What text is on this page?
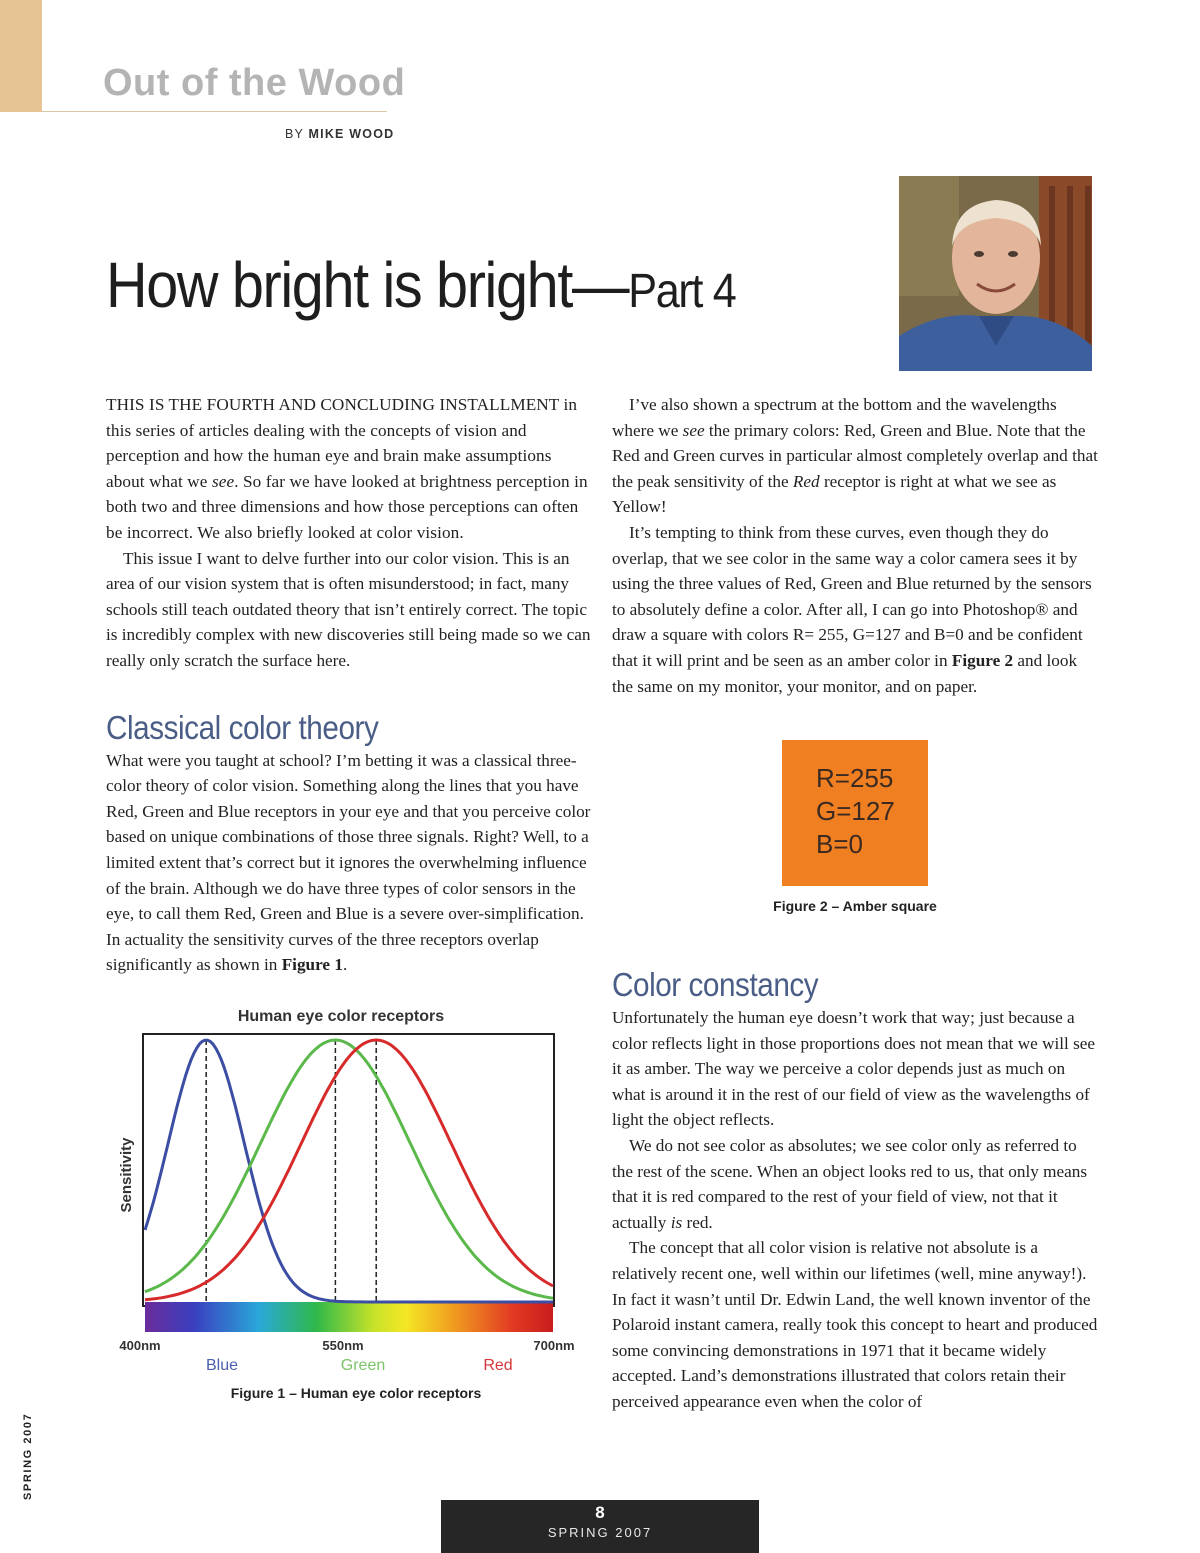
Out of the Wood
BY MIKE WOOD
How bright is bright—Part 4

THIS IS THE FOURTH AND CONCLUDING INSTALLMENT in this series of articles dealing with the concepts of vision and perception and how the human eye and brain make assumptions about what we see. So far we have looked at brightness perception in both two and three dimensions and how those perceptions can often be incorrect. We also briefly looked at color vision.

This issue I want to delve further into our color vision. This is an area of our vision system that is often misunderstood; in fact, many schools still teach outdated theory that isn’t entirely correct. The topic is incredibly complex with new discoveries still being made so we can really only scratch the surface here.

Classical color theory

What were you taught at school? I’m betting it was a classical three-color theory of color vision. Something along the lines that you have Red, Green and Blue receptors in your eye and that you perceive color based on unique combinations of those three signals. Right? Well, to a limited extent that’s correct but it ignores the overwhelming influence of the brain. Although we do have three types of color sensors in the eye, to call them Red, Green and Blue is a severe over-simplification. In actuality the sensitivity curves of the three receptors overlap significantly as shown in Figure 1.

I’ve also shown a spectrum at the bottom and the wavelengths where we see the primary colors: Red, Green and Blue. Note that the Red and Green curves in particular almost completely overlap and that the peak sensitivity of the Red receptor is right at what we see as Yellow!

It’s tempting to think from these curves, even though they do overlap, that we see color in the same way a color camera sees it by using the three values of Red, Green and Blue returned by the sensors to absolutely define a color. After all, I can go into Photoshop® and draw a square with colors R= 255, G=127 and B=0 and be confident that it will print and be seen as an amber color in Figure 2 and look the same on my monitor, your monitor, and on paper.

R=255
G=127
B=0
Figure 2 – Amber square
Color constancy

Unfortunately the human eye doesn’t work that way; just because a color reflects light in those proportions does not mean that we will see it as amber. The way we perceive a color depends just as much on what is around it in the rest of our field of view as the wavelengths of light the object reflects.

We do not see color as absolutes; we see color only as referred to the rest of the scene. When an object looks red to us, that only means that it is red compared to the rest of your field of view, not that it actually is red.

The concept that all color vision is relative not absolute is a relatively recent one, well within our lifetimes (well, mine anyway!). In fact it wasn’t until Dr. Edwin Land, the well known inventor of the Polaroid instant camera, really took this concept to heart and produced some convincing demonstrations in 1971 that it became widely accepted. Land’s demonstrations illustrated that colors retain their perceived appearance even when the color of

Human eye color receptors
Sensitivity
400nm	550nm	700nm
Blue	Green	Red
Figure 1 – Human eye color receptors
SPRING 2007
8
SPRING 2007
